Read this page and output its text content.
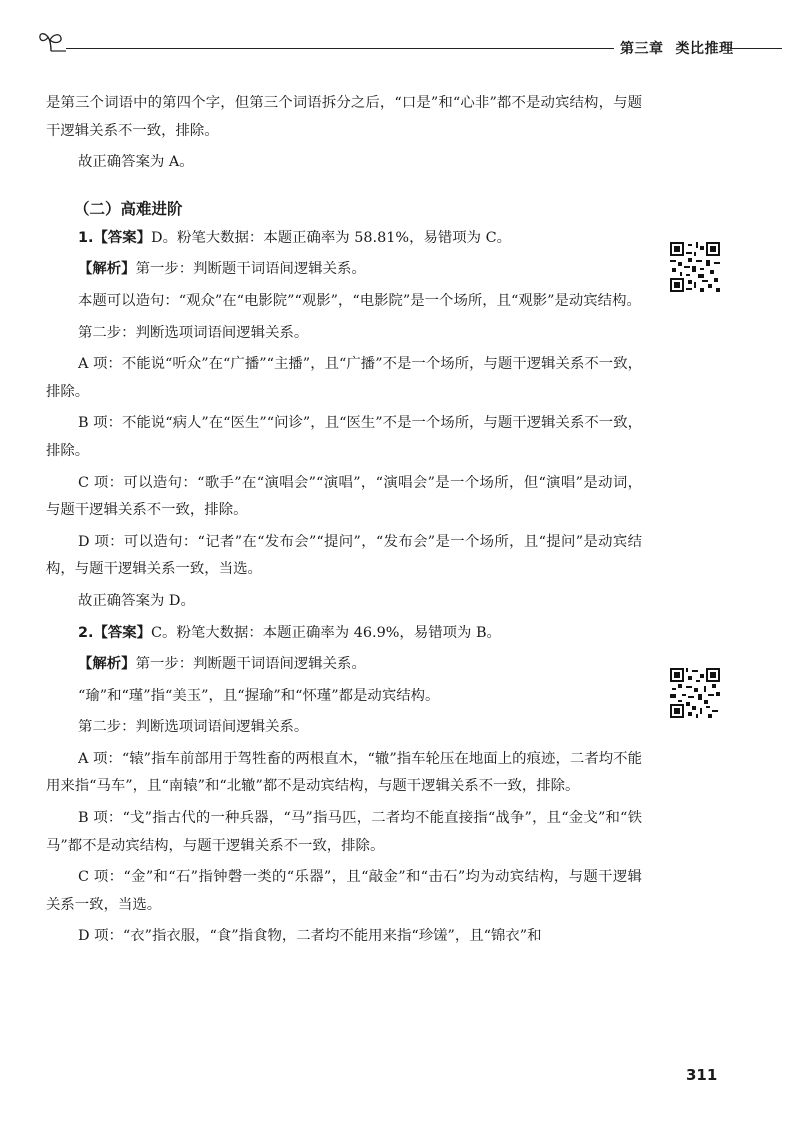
第三章 类比推理

是第三个词语中的第四个字，但第三个词语拆分之后，“口是”和“心非”都不是动宾结构，与题干逻辑关系不一致，排除。

故正确答案为 A。

（二）高难进阶

1.【答案】D。粉笔大数据：本题正确率为 58.81%，易错项为 C。

【解析】第一步：判断题干词语间逻辑关系。

本题可以造句：“观众”在“电影院”“观影”，“电影院”是一个场所，且“观影”是动宾结构。

第二步：判断选项词语间逻辑关系。

A 项：不能说“听众”在“广播”“主播”，且“广播”不是一个场所，与题干逻辑关系不一致，排除。

B 项：不能说“病人”在“医生”“问诊”，且“医生”不是一个场所，与题干逻辑关系不一致，排除。

C 项：可以造句：“歌手”在“演唱会”“演唱”，“演唱会”是一个场所，但“演唱”是动词，与题干逻辑关系不一致，排除。

D 项：可以造句：“记者”在“发布会”“提问”，“发布会”是一个场所，且“提问”是动宾结构，与题干逻辑关系一致，当选。

故正确答案为 D。

2.【答案】C。粉笔大数据：本题正确率为 46.9%，易错项为 B。

【解析】第一步：判断题干词语间逻辑关系。

“瑜”和“瑾”指“美玉”，且“握瑜”和“怀瑾”都是动宾结构。

第二步：判断选项词语间逻辑关系。

A 项：“辕”指车前部用于驾牲畜的两根直木，“辙”指车轮压在地面上的痕迹，二者均不能用来指“马车”，且“南辕”和“北辙”都不是动宾结构，与题干逻辑关系不一致，排除。

B 项：“戈”指古代的一种兵器，“马”指马匹，二者均不能直接指“战争”，且“金戈”和“铁马”都不是动宾结构，与题干逻辑关系不一致，排除。

C 项：“金”和“石”指钟磬一类的“乐器”，且“敲金”和“击石”均为动宾结构，与题干逻辑关系一致，当选。

D 项：“衣”指衣服，“食”指食物，二者均不能用来指“珍馐”，且“锦衣”和

311
